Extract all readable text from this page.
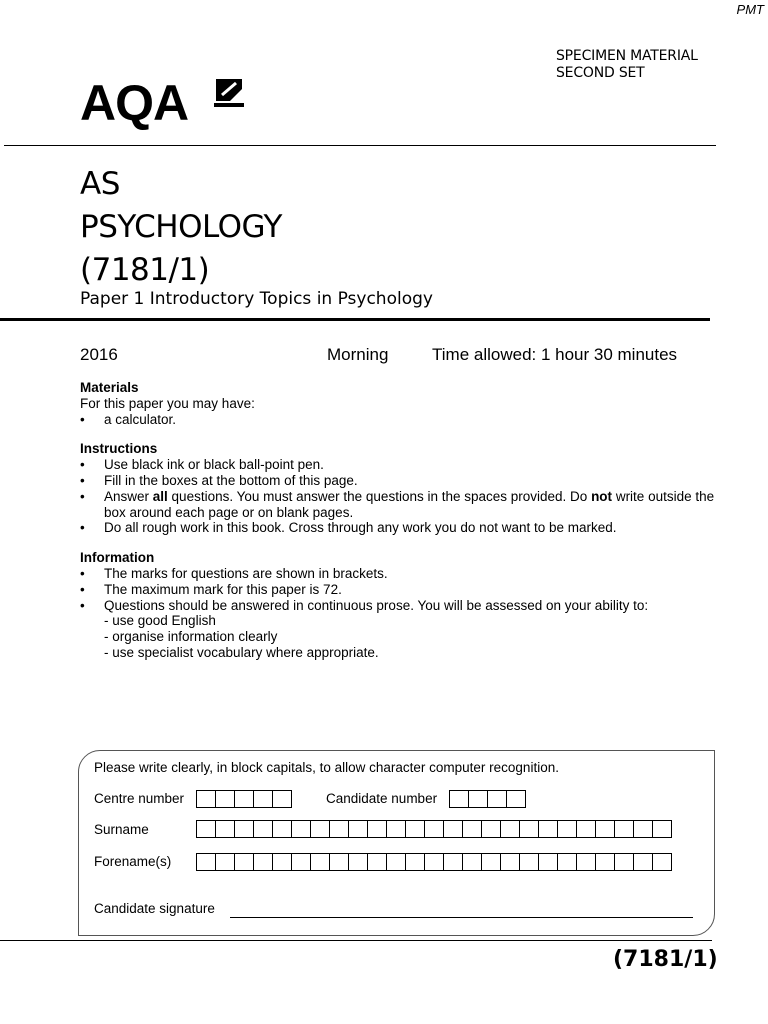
PMT
SPECIMEN MATERIAL
SECOND SET
AQA
AS
PSYCHOLOGY
(7181/1)
Paper 1 Introductory Topics in Psychology
2016	Morning	Time allowed: 1 hour 30 minutes
Materials
For this paper you may have:
• a calculator.
Instructions
• Use black ink or black ball-point pen.
• Fill in the boxes at the bottom of this page.
• Answer all questions. You must answer the questions in the spaces provided. Do not write outside the box around each page or on blank pages.
• Do all rough work in this book. Cross through any work you do not want to be marked.
Information
• The marks for questions are shown in brackets.
• The maximum mark for this paper is 72.
• Questions should be answered in continuous prose. You will be assessed on your ability to:
- use good English
- organise information clearly
- use specialist vocabulary where appropriate.
Please write clearly, in block capitals, to allow character computer recognition.
Centre number	Candidate number
Surname
Forename(s)
Candidate signature
(7181/1)
